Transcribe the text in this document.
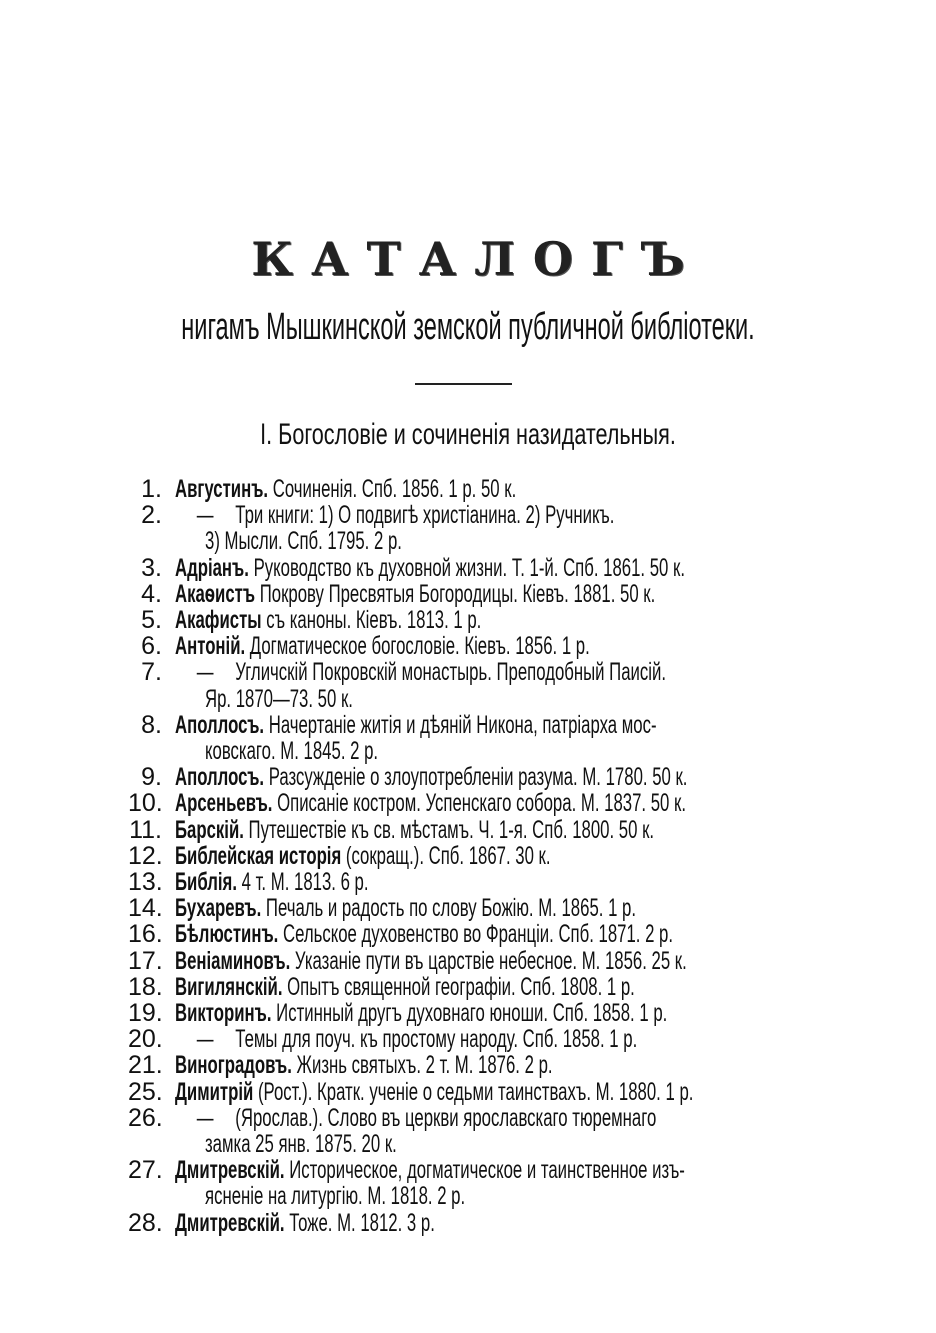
КАТАЛОГЪ
нигамъ Мышкинской земской публичной библіотеки.
I. Богословіе и сочиненія назидательныя.
1. Августинъ. Сочиненія. Спб. 1856. 1 р. 50 к.
2.	— Три книги: 1) О подвигѣ христіанина. 2) Ручникъ.
3) Мысли. Спб. 1795. 2 р.
3. Адріанъ. Руководство къ духовной жизни. Т. 1-й. Спб. 1861. 50 к.
4. Акаѳистъ Покрову Пресвятыя Богородицы. Кіевъ. 1881. 50 к.
5. Акафисты съ каноны. Кіевъ. 1813. 1 р.
6. Антоній. Догматическое богословіе. Кіевъ. 1856. 1 р.
7.	— Угличскій Покровскій монастырь. Преподобный Паисій.
Яр. 1870—73. 50 к.
8. Аполлосъ. Начертаніе житія и дѣяній Никона, патріарха мос-
ковскаго. М. 1845. 2 р.
9. Аполлосъ. Разсужденіе о злоупотребленіи разума. М. 1780. 50 к.
10. Арсеньевъ. Описаніе костром. Успенскаго собора. М. 1837. 50 к.
11. Барскій. Путешествіе къ св. мѣстамъ. Ч. 1-я. Спб. 1800. 50 к.
12. Библейская исторія (сокращ.). Спб. 1867. 30 к.
13. Библія. 4 т. М. 1813. 6 р.
14. Бухаревъ. Печаль и радость по слову Божію. М. 1865. 1 р.
16. Бѣлюстинъ. Сельское духовенство во Франціи. Спб. 1871. 2 р.
17. Веніаминовъ. Указаніе пути въ царствіе небесное. М. 1856. 25 к.
18. Вигилянскій. Опытъ священной географіи. Спб. 1808. 1 р.
19. Викторинъ. Истинный другъ духовнаго юноши. Спб. 1858. 1 р.
20.	— Темы для поуч. къ простому народу. Спб. 1858. 1 р.
21. Виноградовъ. Жизнь святыхъ. 2 т. М. 1876. 2 р.
25. Димитрій (Рост.). Кратк. ученіе о седьми таинствахъ. М. 1880. 1 р.
26.	— (Ярослав.). Слово въ церкви ярославскаго тюремнаго
замка 25 янв. 1875. 20 к.
27. Дмитревскій. Историческое, догматическое и таинственное изъ-
ясненіе на литургію. М. 1818. 2 р.
28. Дмитревскій. Тоже. М. 1812. 3 р.
